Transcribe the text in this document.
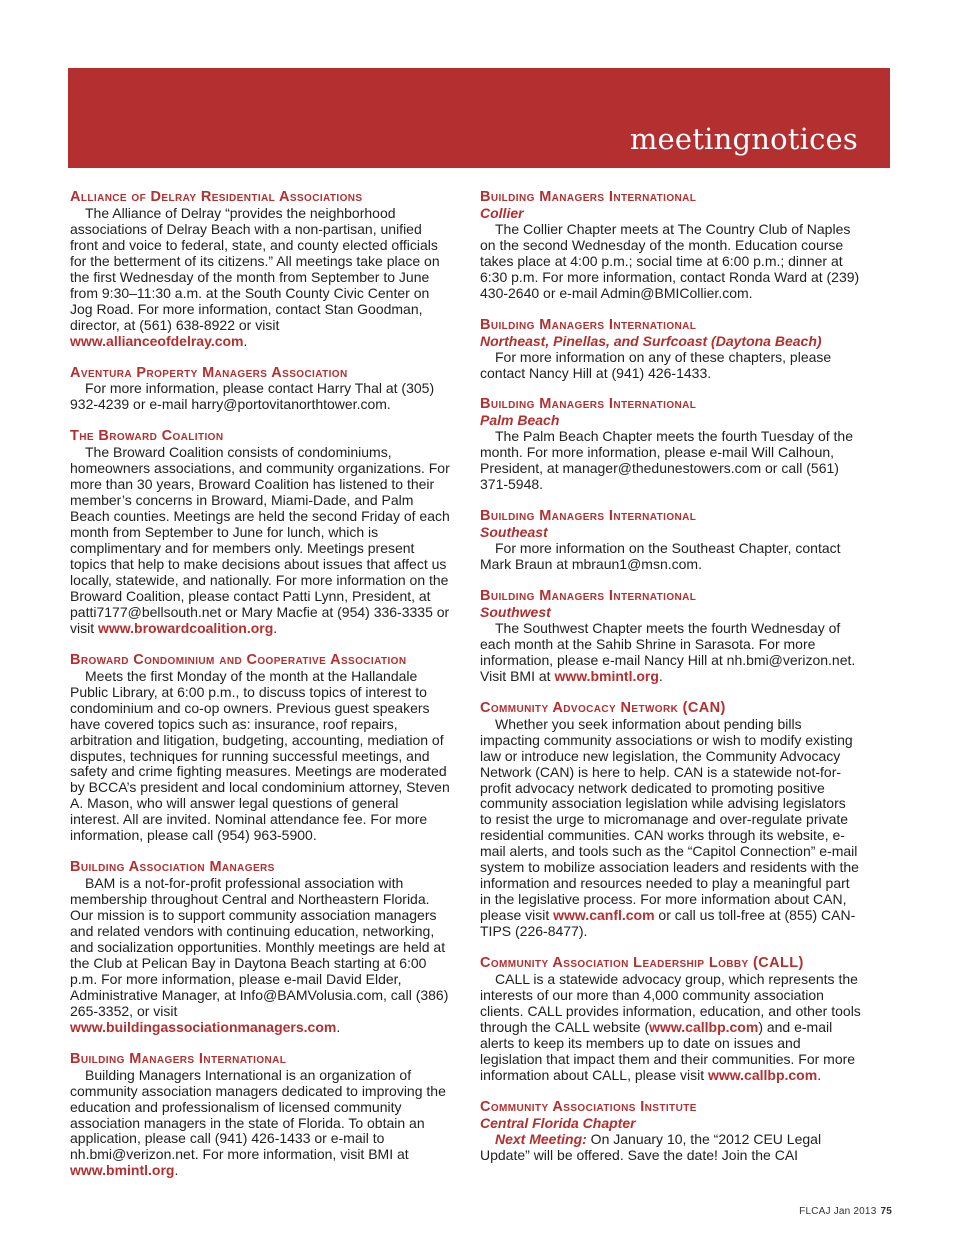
meetingnotices

Alliance of Delray Residential Associations

The Alliance of Delray “provides the neighborhood associations of Delray Beach with a non-partisan, unified front and voice to federal, state, and county elected officials for the betterment of its citizens.” All meetings take place on the first Wednesday of the month from September to June from 9:30–11:30 a.m. at the South County Civic Center on Jog Road. For more information, contact Stan Goodman, director, at (561) 638-8922 or visit www.allianceofdelray.com.

Aventura Property Managers Association

For more information, please contact Harry Thal at (305) 932-4239 or e-mail harry@portovitanorthtower.com.

The Broward Coalition

The Broward Coalition consists of condominiums, homeowners associations, and community organizations. For more than 30 years, Broward Coalition has listened to their member’s concerns in Broward, Miami-Dade, and Palm Beach counties. Meetings are held the second Friday of each month from September to June for lunch, which is complimentary and for members only. Meetings present topics that help to make decisions about issues that affect us locally, statewide, and nationally. For more information on the Broward Coalition, please contact Patti Lynn, President, at patti7177@bellsouth.net or Mary Macfie at (954) 336-3335 or visit www.browardcoalition.org.

Broward Condominium and Cooperative Association

Meets the first Monday of the month at the Hallandale Public Library, at 6:00 p.m., to discuss topics of interest to condominium and co-op owners. Previous guest speakers have covered topics such as: insurance, roof repairs, arbitration and litigation, budgeting, accounting, mediation of disputes, techniques for running successful meetings, and safety and crime fighting measures. Meetings are moderated by BCCA’s president and local condominium attorney, Steven A. Mason, who will answer legal questions of general interest. All are invited. Nominal attendance fee. For more information, please call (954) 963-5900.

Building Association Managers

BAM is a not-for-profit professional association with membership throughout Central and Northeastern Florida. Our mission is to support community association managers and related vendors with continuing education, networking, and socialization opportunities. Monthly meetings are held at the Club at Pelican Bay in Daytona Beach starting at 6:00 p.m. For more information, please e-mail David Elder, Administrative Manager, at Info@BAMVolusia.com, call (386) 265-3352, or visit www.buildingassociationmanagers.com.

Building Managers International

Building Managers International is an organization of community association managers dedicated to improving the education and professionalism of licensed community association managers in the state of Florida. To obtain an application, please call (941) 426-1433 or e-mail to nh.bmi@verizon.net. For more information, visit BMI at www.bmintl.org.

Building Managers International

Collier

The Collier Chapter meets at The Country Club of Naples on the second Wednesday of the month. Education course takes place at 4:00 p.m.; social time at 6:00 p.m.; dinner at 6:30 p.m. For more information, contact Ronda Ward at (239) 430-2640 or e-mail Admin@BMICollier.com.

Building Managers International

Northeast, Pinellas, and Surfcoast (Daytona Beach)

For more information on any of these chapters, please contact Nancy Hill at (941) 426-1433.

Building Managers International

Palm Beach

The Palm Beach Chapter meets the fourth Tuesday of the month. For more information, please e-mail Will Calhoun, President, at manager@thedunestowers.com or call (561) 371-5948.

Building Managers International

Southeast

For more information on the Southeast Chapter, contact Mark Braun at mbraun1@msn.com.

Building Managers International

Southwest

The Southwest Chapter meets the fourth Wednesday of each month at the Sahib Shrine in Sarasota. For more information, please e-mail Nancy Hill at nh.bmi@verizon.net. Visit BMI at www.bmintl.org.

Community Advocacy Network (CAN)

Whether you seek information about pending bills impacting community associations or wish to modify existing law or introduce new legislation, the Community Advocacy Network (CAN) is here to help. CAN is a statewide not-for-profit advocacy network dedicated to promoting positive community association legislation while advising legislators to resist the urge to micromanage and over-regulate private residential communities. CAN works through its website, e-mail alerts, and tools such as the “Capitol Connection” e-mail system to mobilize association leaders and residents with the information and resources needed to play a meaningful part in the legislative process. For more information about CAN, please visit www.canfl.com or call us toll-free at (855) CAN-TIPS (226-8477).

Community Association Leadership Lobby (CALL)

CALL is a statewide advocacy group, which represents the interests of our more than 4,000 community association clients. CALL provides information, education, and other tools through the CALL website (www.callbp.com) and e-mail alerts to keep its members up to date on issues and legislation that impact them and their communities. For more information about CALL, please visit www.callbp.com.

Community Associations Institute

Central Florida Chapter

Next Meeting: On January 10, the “2012 CEU Legal Update” will be offered. Save the date! Join the CAI

FLCAJ Jan 2013 75
